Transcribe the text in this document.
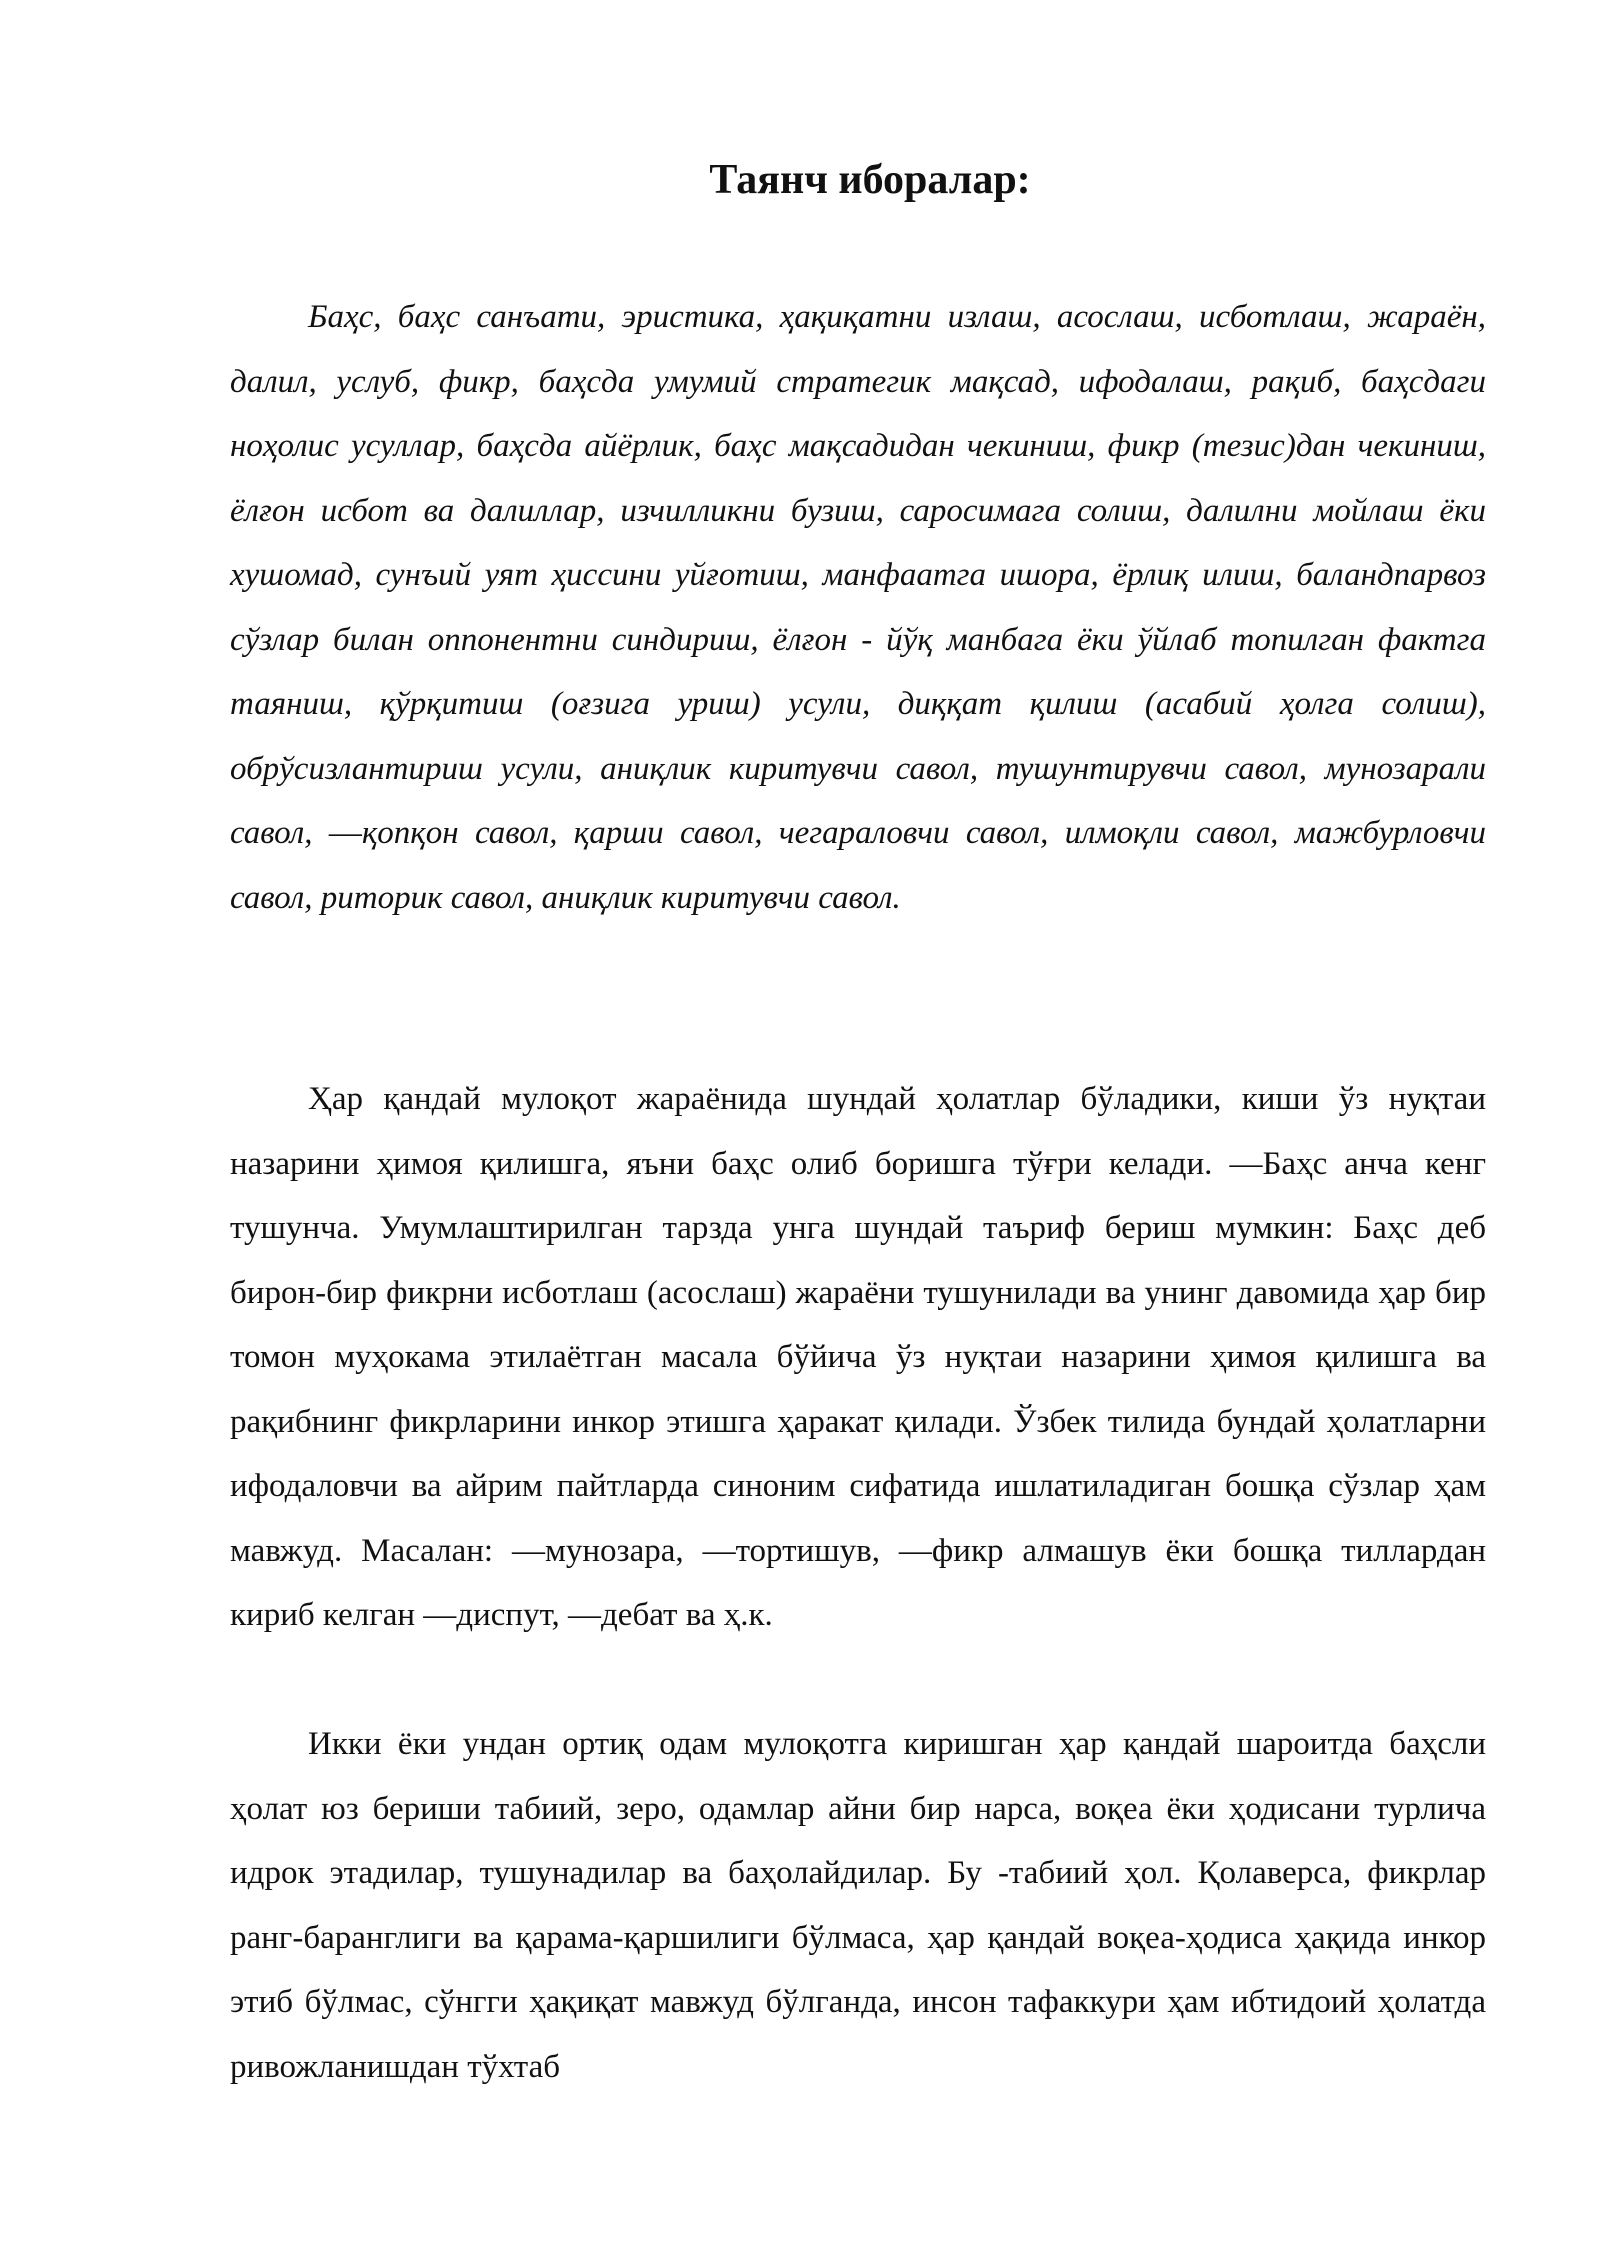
Таянч иборалар:

Баҳс, баҳс санъати, эристика, ҳақиқатни излаш, асослаш, исботлаш, жараён, далил, услуб, фикр, баҳсда умумий стратегик мақсад, ифодалаш, рақиб, баҳсдаги ноҳолис усуллар, баҳсда айёрлик, баҳс мақсадидан чекиниш, фикр (тезис)дан чекиниш, ёлғон исбот ва далиллар, изчилликни бузиш, саросимага солиш, далилни мойлаш ёки хушомад, сунъий уят ҳиссини уйғотиш, манфаатга ишора, ёрлиқ илиш, баландпарвоз сўзлар билан оппонентни синдириш, ёлғон - йўқ манбага ёки ўйлаб топилган фактга таяниш, қўрқитиш (оғзига уриш) усули, диққат қилиш (асабий ҳолга солиш), обрўсизлантириш усули, аниқлик киритувчи савол, тушунтирувчи савол, мунозарали савол, ―қопқон савол, қарши савол, чегараловчи савол, илмоқли савол, мажбурловчи савол, риторик савол, аниқлик киритувчи савол.

Ҳар қандай мулоқот жараёнида шундай ҳолатлар бўладики, киши ўз нуқтаи назарини ҳимоя қилишга, яъни баҳс олиб боришга тўғри келади. ―Баҳс анча кенг тушунча. Умумлаштирилган тарзда унга шундай таъриф бериш мумкин: Баҳс деб бирон-бир фикрни исботлаш (асослаш) жараёни тушунилади ва унинг давомида ҳар бир томон муҳокама этилаётган масала бўйича ўз нуқтаи назарини ҳимоя қилишга ва рақибнинг фикрларини инкор этишга ҳаракат қилади. Ўзбек тилида бундай ҳолатларни ифодаловчи ва айрим пайтларда синоним сифатида ишлатиладиган бошқа сўзлар ҳам мавжуд. Масалан: ―мунозара, ―тортишув, ―фикр алмашув ёки бошқа тиллардан кириб келган ―диспут, ―дебат ва ҳ.к.

Икки ёки ундан ортиқ одам мулоқотга киришган ҳар қандай шароитда баҳсли ҳолат юз бериши табиий, зеро, одамлар айни бир нарса, воқеа ёки ҳодисани турлича идрок этадилар, тушунадилар ва баҳолайдилар. Бу -табиий ҳол. Қолаверса, фикрлар ранг-баранглиги ва қарама-қаршилиги бўлмаса, ҳар қандай воқеа-ҳодиса ҳақида инкор этиб бўлмас, сўнгги ҳақиқат мавжуд бўлганда, инсон тафаккури ҳам ибтидоий ҳолатда ривожланишдан тўхтаб
